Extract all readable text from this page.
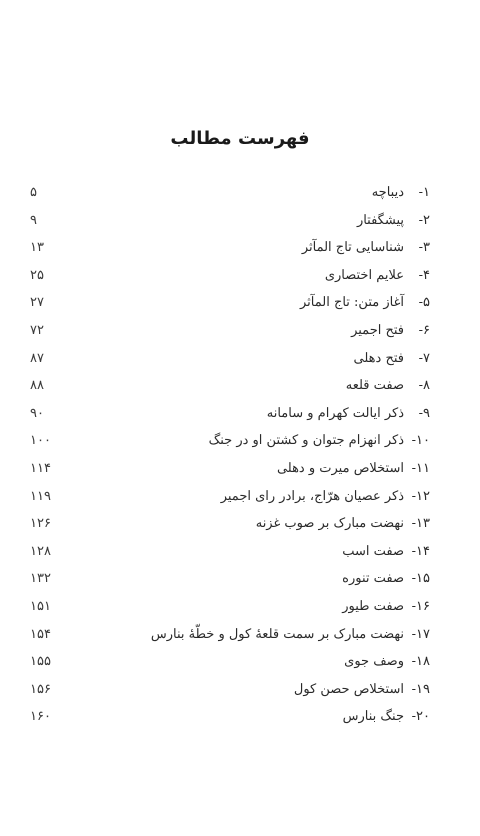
فهرست مطالب
۱-دیباچه
۵
۲-پیشگفتار
۹
۳-شناسایی تاج المآثر
۱۳
۴-علایم اختصاری
۲۵
۵-آغاز متن: تاج المآثر
۲۷
۶-فتح اجمیر
۷۲
۷-فتح دهلی
۸۷
۸-صفت قلعه
۸۸
۹-ذکر ایالت کهرام و سامانه
۹۰
۱۰-ذکر انهزام جتوان و کشتن او در جنگ
۱۰۰
۱۱-استخلاص میرت و دهلی
۱۱۴
۱۲-ذکر عصیان هرّاج، برادر رای اجمیر
۱۱۹
۱۳-نهضت مبارک بر صوب غزنه
۱۲۶
۱۴-صفت اسب
۱۲۸
۱۵-صفت تنوره
۱۳۲
۱۶-صفت طیور
۱۵۱
۱۷-نهضت مبارک بر سمت قلعهٔ کول و خطّهٔ بنارس
۱۵۴
۱۸-وصف جوی
۱۵۵
۱۹-استخلاص حصن کول
۱۵۶
۲۰-جنگ بنارس
۱۶۰
